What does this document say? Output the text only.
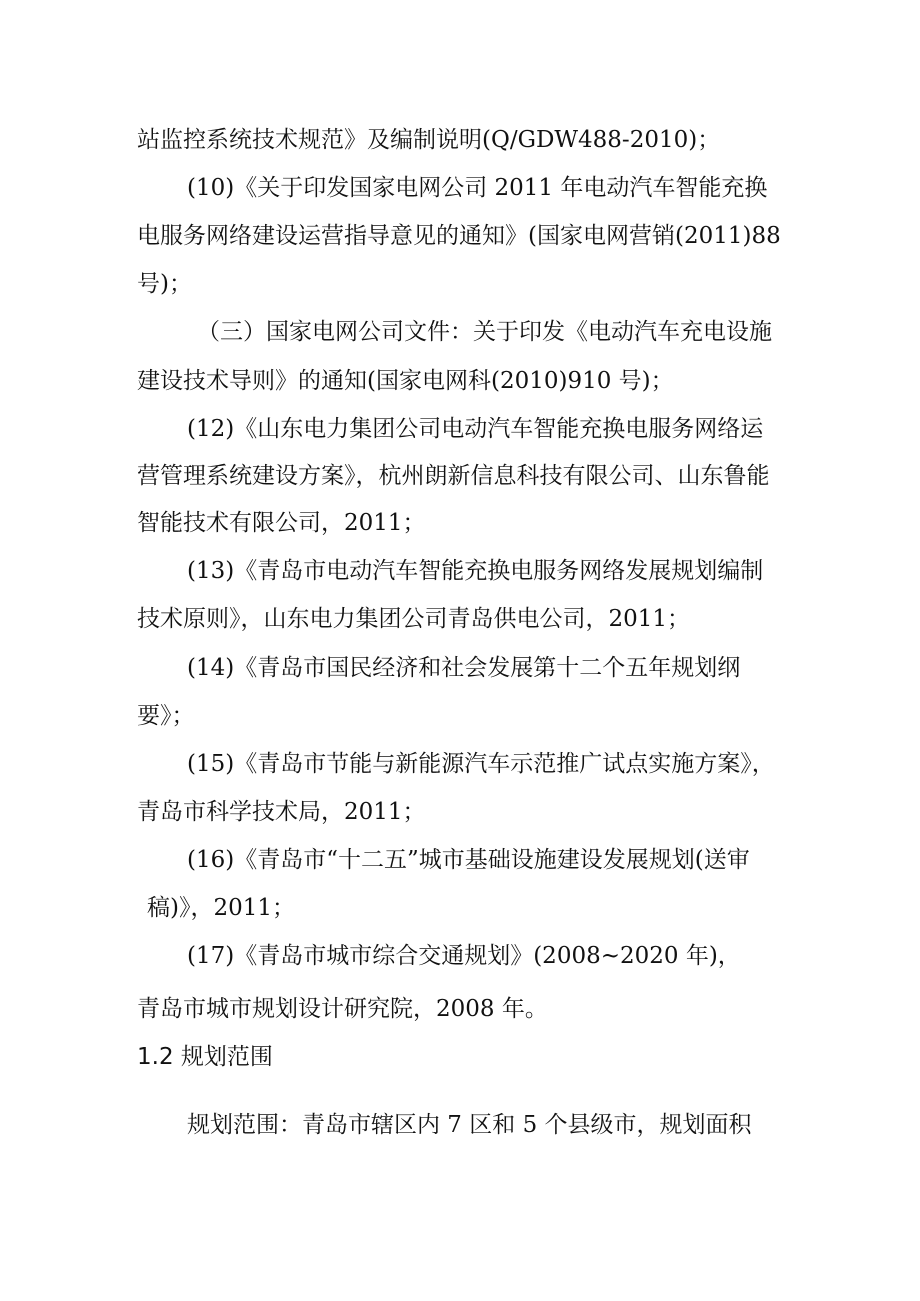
站监控系统技术规范》及编制说明(Q/GDW488-2010)；
(10)《关于印发国家电网公司 2011 年电动汽车智能充换
电服务网络建设运营指导意见的通知》(国家电网营销(2011)88
号)；
（三）国家电网公司文件：关于印发《电动汽车充电设施
建设技术导则》的通知(国家电网科(2010)910 号)；
(12)《山东电力集团公司电动汽车智能充换电服务网络运
营管理系统建设方案》，杭州朗新信息科技有限公司、山东鲁能
智能技术有限公司，2011；
(13)《青岛市电动汽车智能充换电服务网络发展规划编制
技术原则》，山东电力集团公司青岛供电公司，2011；
(14)《青岛市国民经济和社会发展第十二个五年规划纲
要》；
(15)《青岛市节能与新能源汽车示范推广试点实施方案》，
青岛市科学技术局，2011；
(16)《青岛市“十二五”城市基础设施建设发展规划(送审
稿)》，2011；
(17)《青岛市城市综合交通规划》(2008~2020 年)，
青岛市城市规划设计研究院，2008 年。
1.2 规划范围
规划范围：青岛市辖区内 7 区和 5 个县级市，规划面积
